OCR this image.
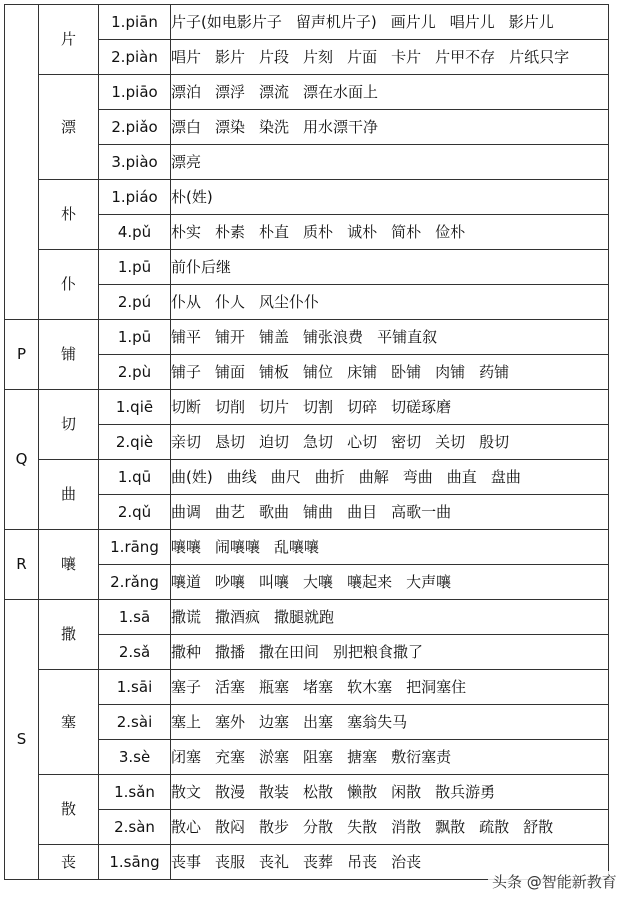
	片	1.piān	片子(如电影片子 留声机片子) 画片儿 唱片儿 影片儿
		2.piàn	唱片 影片 片段 片刻 片面 卡片 片甲不存 片纸只字
	漂	1.piāo	漂泊 漂浮 漂流 漂在水面上
		2.piǎo	漂白 漂染 染洗 用水漂干净
		3.piào	漂亮
	朴	1.piáo	朴(姓)
		4.pǔ	朴实 朴素 朴直 质朴 诚朴 简朴 俭朴
	仆	1.pū	前仆后继
		2.pú	仆从 仆人 风尘仆仆
P	铺	1.pū	铺平 铺开 铺盖 铺张浪费 平铺直叙
		2.pù	铺子 铺面 铺板 铺位 床铺 卧铺 肉铺 药铺
Q	切	1.qiē	切断 切削 切片 切割 切碎 切磋琢磨
		2.qiè	亲切 恳切 迫切 急切 心切 密切 关切 殷切
	曲	1.qū	曲(姓) 曲线 曲尺 曲折 曲解 弯曲 曲直 盘曲
		2.qǔ	曲调 曲艺 歌曲 铺曲 曲目 高歌一曲
R	嚷	1.rāng	嚷嚷 闹嚷嚷 乱嚷嚷
		2.rǎng	嚷道 吵嚷 叫嚷 大嚷 嚷起来 大声嚷
S	撒	1.sā	撒谎 撒酒疯 撒腿就跑
		2.sǎ	撒种 撒播 撒在田间 别把粮食撒了
	塞	1.sāi	塞子 活塞 瓶塞 堵塞 软木塞 把洞塞住
		2.sài	塞上 塞外 边塞 出塞 塞翁失马
		3.sè	闭塞 充塞 淤塞 阻塞 搪塞 敷衍塞责
	散	1.sǎn	散文 散漫 散装 松散 懒散 闲散 散兵游勇
		2.sàn	散心 散闷 散步 分散 失散 消散 飘散 疏散 舒散
	丧	1.sāng	丧事 丧服 丧礼 丧葬 吊丧 治丧
头条 @智能新教育
